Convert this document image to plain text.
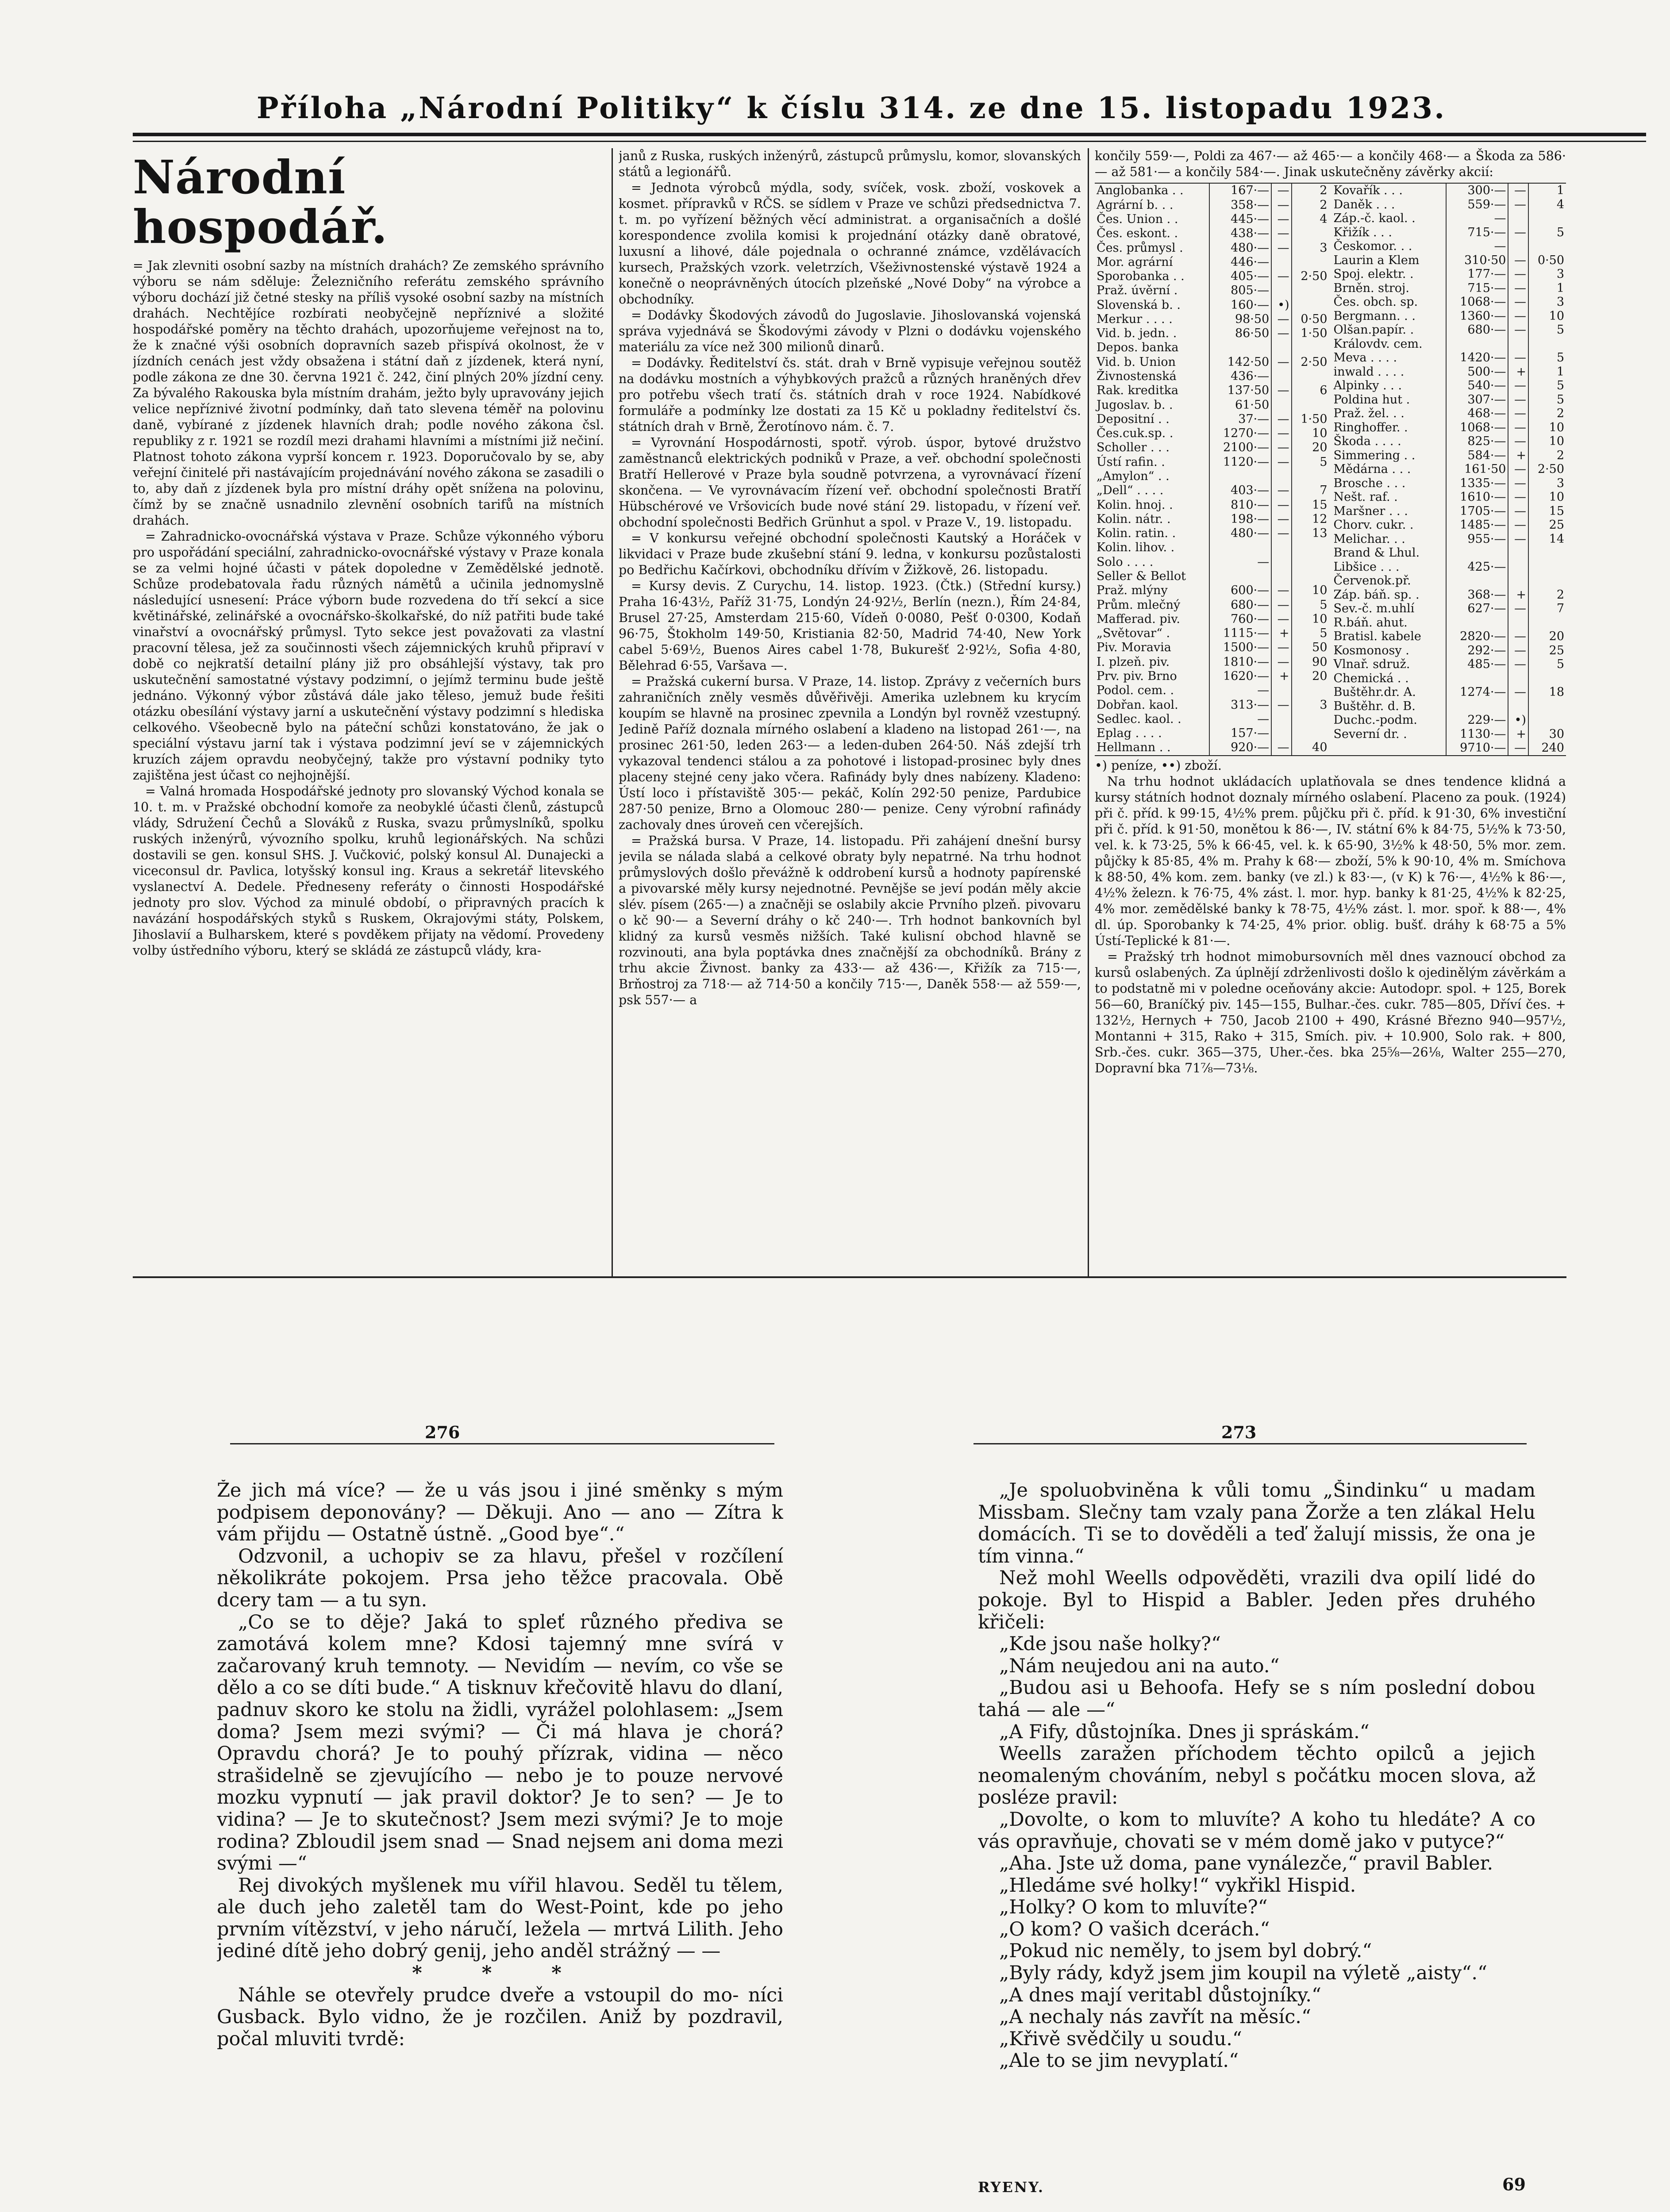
Příloha „Národní Politiky“ k číslu 314. ze dne 15. listopadu 1923.
Národní hospodář.

= Jak zlevniti osobní sazby na místních drahách? Ze zemského správního výboru se nám sděluje: Železničního referátu zemského správního výboru dochází již četné stesky na příliš vysoké osobní sazby na místních drahách. Nechtějíce rozbírati neobyčejně nepříznivé a složité hospodářské poměry na těchto drahách, upozorňujeme veřejnost na to, že k značné výši osobních dopravních sazeb přispívá okolnost, že v jízdních cenách jest vždy obsažena i státní daň z jízdenek, která nyní, podle zákona ze dne 30. června 1921 č. 242, činí plných 20% jízdní ceny. Za bývalého Rakouska byla místním drahám, ježto byly upravovány jejich velice nepříznivé životní podmínky, daň tato slevena téměř na polovinu daně, vybírané z jízdenek hlavních drah; podle nového zákona čsl. republiky z r. 1921 se rozdíl mezi drahami hlavními a místními již nečiní. Platnost tohoto zákona vyprší koncem r. 1923. Doporučovalo by se, aby veřejní činitelé při nastávajícím projednávání nového zákona se zasadili o to, aby daň z jízdenek byla pro místní dráhy opět snížena na polovinu, čímž by se značně usnadnilo zlevnění osobních tarifů na místních drahách.

= Zahradnicko-ovocnářská výstava v Praze. Schůze výkonného výboru pro uspořádání speciální, zahradnicko-ovocnářské výstavy v Praze konala se za velmi hojné účasti v pátek dopoledne v Zemědělské jednotě. Schůze prodebatovala řadu různých námětů a učinila jednomyslně následující usnesení: Práce výborn bude rozvedena do tří sekcí a sice květinářské, zelinářské a ovocnářsko-školkařské, do níž patřiti bude také vinařství a ovocnářský průmysl. Tyto sekce jest považovati za vlastní pracovní tělesa, jež za součinnosti všech zájemnických kruhů připraví v době co nejkratší detailní plány již pro obsáhlejší výstavy, tak pro uskutečnění samostatné výstavy podzimní, o jejímž terminu bude ještě jednáno. Výkonný výbor zůstává dále jako těleso, jemuž bude řešiti otázku obesílání výstavy jarní a uskutečnění výstavy podzimní s hlediska celkového. Všeobecně bylo na páteční schůzi konstatováno, že jak o speciální výstavu jarní tak i výstava podzimní jeví se v zájemnických kruzích zájem opravdu neobyčejný, takže pro výstavní podniky tyto zajištěna jest účast co nejhojnější.

= Valná hromada Hospodářské jednoty pro slovanský Východ konala se 10. t. m. v Pražské obchodní komoře za neobyklé účasti členů, zástupců vlády, Sdružení Čechů a Slováků z Ruska, svazu průmyslníků, spolku ruských inženýrů, vývozního spolku, kruhů legionářských. Na schůzi dostavili se gen. konsul SHS. J. Vučković, polský konsul Al. Dunajecki a viceconsul dr. Pavlica, lotyšský konsul ing. Kraus a sekretář litevského vyslanectví A. Dedele. Předneseny referáty o činnosti Hospodářské jednoty pro slov. Východ za minulé období, o připravných pracích k navázání hospodářských styků s Ruskem, Okrajovými státy, Polskem, Jihoslavií a Bulharskem, které s povděkem přijaty na vědomí. Provedeny volby ústředního výboru, který se skládá ze zástupců vlády, kra-

janů z Ruska, ruských inženýrů, zástupců průmyslu, komor, slovanských států a legionářů.

= Jednota výrobců mýdla, sody, svíček, vosk. zboží, voskovek a kosmet. přípravků v RČS. se sídlem v Praze ve schůzi předsednictva 7. t. m. po vyřízení běžných věcí administrat. a organisačních a došlé korespondence zvolila komisi k projednání otázky daně obratové, luxusní a lihové, dále pojednala o ochranné známce, vzdělávacích kursech, Pražských vzork. veletrzích, Všeživnostenské výstavě 1924 a konečně o neoprávněných útocích plzeňské „Nové Doby“ na výrobce a obchodníky.

= Dodávky Škodových závodů do Jugoslavie. Jihoslovanská vojenská správa vyjednává se Škodovými závody v Plzni o dodávku vojenského materiálu za více než 300 milionů dinarů.

= Dodávky. Ředitelství čs. stát. drah v Brně vypisuje veřejnou soutěž na dodávku mostních a výhybkových pražců a různých hraněných dřev pro potřebu všech tratí čs. státních drah v roce 1924. Nabídkové formuláře a podmínky lze dostati za 15 Kč u pokladny ředitelství čs. státních drah v Brně, Žerotínovo nám. č. 7.

= Vyrovnání Hospodárnosti, spotř. výrob. úspor, bytové družstvo zaměstnanců elektrických podniků v Praze, a veř. obchodní společnosti Bratří Hellerové v Praze byla soudně potvrzena, a vyrovnávací řízení skončena. — Ve vyrovnávacím řízení veř. obchodní společnosti Bratří Hübschérové ve Vršovicích bude nové stání 29. listopadu, v řízení veř. obchodní společnosti Bedřich Grünhut a spol. v Praze V., 19. listopadu.

= V konkursu veřejné obchodní společnosti Kautský a Horáček v likvidaci v Praze bude zkušební stání 9. ledna, v konkursu pozůstalosti po Bedřichu Kačírkovi, obchodníku dřívím v Žižkově, 26. listopadu.

= Kursy devis. Z Curychu, 14. listop. 1923. (Čtk.) (Střední kursy.) Praha 16·43½, Paříž 31·75, Londýn 24·92½, Berlín (nezn.), Řím 24·84, Brusel 27·25, Amsterdam 215·60, Vídeň 0·0080, Pešť 0·0300, Kodaň 96·75, Štokholm 149·50, Kristiania 82·50, Madrid 74·40, New York cabel 5·69½, Buenos Aires cabel 1·78, Bukurešť 2·92½, Sofia 4·80, Bělehrad 6·55, Varšava —.

= Pražská cukerní bursa. V Praze, 14. listop. Zprávy z večerních burs zahraničních zněly vesměs důvěřivěji. Amerika uzlebnem ku krycím koupím se hlavně na prosinec zpevnila a Londýn byl rovněž vzestupný. Jedině Paříž doznala mírného oslabení a kladeno na listopad 261·—, na prosinec 261·50, leden 263·— a leden-duben 264·50. Náš zdejší trh vykazoval tendenci stálou a za pohotové i listopad-prosinec byly dnes placeny stejné ceny jako včera. Rafinády byly dnes nabízeny. Kladeno: Ústí loco i přístaviště 305·— pekáč, Kolín 292·50 penize, Pardubice 287·50 penize, Brno a Olomouc 280·— penize. Ceny výrobní rafinády zachovaly dnes úroveň cen včerejších.

= Pražská bursa. V Praze, 14. listopadu. Při zahájení dnešní bursy jevila se nálada slabá a celkové obraty byly nepatrné. Na trhu hodnot průmyslových došlo převážně k oddrobení kursů a hodnoty papírenské a pivovarské měly kursy nejednotné. Pevnějše se jeví podán měly akcie slév. písem (265·—) a značněji se oslabily akcie Prvního plzeň. pivovaru o kč 90·— a Severní dráhy o kč 240·—. Trh hodnot bankovních byl klidný za kursů vesměs nižších. Také kulisní obchod hlavně se rozvinouti, ana byla poptávka dnes značnější za obchodníků. Brány z trhu akcie Živnost. banky za 433·— až 436·—, Křižík za 715·—, Brňostroj za 718·— až 714·50 a končily 715·—, Daněk 558·— až 559·—, psk 557·— a

končily 559·—, Poldi za 467·— až 465·— a končily 468·— a Škoda za 586·— až 581·— a končily 584·—. Jinak uskutečněny závěrky akcií:

Anglobanka . .	167·—	—	2
Agrární b. . .	358·—	—	2
Čes. Union . .	445·—	—	4
Čes. eskont. .	438·—	—	
Čes. průmysl .	480·—	—	3
Mor. agrární	446·—		
Sporobanka . .	405·—	—	2·50
Praž. úvěrní .	805·—		
Slovenská b. .	160·—	•)	
Merkur . . . .	98·50	—	0·50
Vid. b. jedn. .	86·50	—	1·50
Depos. banka			
Vid. b. Union	142·50	—	2·50
Živnostenská	436·—		
Rak. kreditka	137·50	—	6
Jugoslav. b. .	61·50		
Depositní . .	37·—	—	1·50
Čes.cuk.sp. .	1270·—	—	10
Scholler . . .	2100·—	—	20
Ústí rafin. .	1120·—	—	5
„Amylon“ . .			
„Dell“ . . . .	403·—	—	7
Kolin. hnoj. .	810·—	—	15
Kolin. nátr. .	198·—	—	12
Kolin. ratin. .	480·—	—	13
Kolin. lihov. .			
Solo . . . .	—		
Seller & Bellot			
Praž. mlýny	600·—	—	10
Prům. mlečný	680·—	—	5
Mafferad. piv.	760·—	—	10
„Světovar“ .	1115·—	+	5
Piv. Moravia	1500·—	—	50
I. plzeň. piv.	1810·—	—	90
Prv. piv. Brno	1620·—	+	20
Podol. cem. .	—		
Dobřan. kaol.	313·—	—	3
Sedlec. kaol. .	—		
Eplag . . . .	157·—		
Hellmann . .	920·—	—	40
Kovařík . . .	300·—	—	1
Daněk . . .	559·—	—	4
Záp.-č. kaol. .	—		
Křižík . . .	715·—	—	5
Českomor. . .	—		
Laurin a Klem	310·50	—	0·50
Spoj. elektr. .	177·—	—	3
Brněn. stroj.	715·—	—	1
Čes. obch. sp.	1068·—	—	3
Bergmann. . .	1360·—	—	10
Olšan.papír. .	680·—	—	5
Královdv. cem.			
Meva . . . .	1420·—	—	5
inwald . . . .	500·—	+	1
Alpinky . . .	540·—	—	5
Poldina hut .	307·—	—	5
Praž. žel. . .	468·—	—	2
Ringhoffer. .	1068·—	—	10
Škoda . . . .	825·—	—	10
Simmering . .	584·—	+	2
Mědárna . . .	161·50	—	2·50
Brosche . . .	1335·—	—	3
Nešt. raf. .	1610·—	—	10
Maršner . . .	1705·—	—	15
Chorv. cukr. .	1485·—	—	25
Melichar. . .	955·—	—	14
Brand & Lhul.			
Libšice . . .	425·—		
Červenok.př.			
Záp. báň. sp. .	368·—	+	2
Sev.-č. m.uhlí	627·—	—	7
R.báň. ahut.			
Bratisl. kabele	2820·—	—	20
Kosmonosy .	292·—	—	25
Vlnař. sdruž.	485·—	—	5
Chemická . .			
Buštěhr.dr. A.	1274·—	—	18
Buštěhr. d. B.			
Duchc.-podm.	229·—	•)	
Severní dr. .	1130·—	+	30
	9710·—	—	240

•) peníze, ••) zboží.

Na trhu hodnot ukládacích uplatňovala se dnes tendence klidná a kursy státních hodnot doznaly mírného oslabení. Placeno za pouk. (1924) při č. příd. k 99·15, 4½% prem. půjčku při č. příd. k 91·30, 6% investiční při č. příd. k 91·50, monětou k 86·—, IV. státní 6% k 84·75, 5½% k 73·50, vel. k. k 73·25, 5% k 66·45, vel. k. k 65·90, 3½% k 48·50, 5% mor. zem. půjčky k 85·85, 4% m. Prahy k 68·— zboží, 5% k 90·10, 4% m. Smíchova k 88·50, 4% kom. zem. banky (ve zl.) k 83·—, (v K) k 76·—, 4½% k 86·—, 4½% železn. k 76·75, 4% zást. l. mor. hyp. banky k 81·25, 4½% k 82·25, 4% mor. zemědělské banky k 78·75, 4½% zást. l. mor. spoř. k 88·—, 4% dl. úp. Sporobanky k 74·25, 4% prior. oblig. bušť. dráhy k 68·75 a 5% Ústí-Teplické k 81·—.

= Pražský trh hodnot mimobursovních měl dnes vaznoucí obchod za kursů oslabených. Za úplnějí zdrženlivosti došlo k ojedinělým závěrkám a to podstatně mi v poledne oceňovány akcie: Autodopr. spol. + 125, Borek 56—60, Braníčký piv. 145—155, Bulhar.-čes. cukr. 785—805, Dříví čes. + 132½, Hernych + 750, Jacob 2100 + 490, Krásné Březno 940—957½, Montanni + 315, Rako + 315, Smích. piv. + 10.900, Solo rak. + 800, Srb.-čes. cukr. 365—375, Uher.-čes. bka 25⅝—26⅛, Walter 255—270, Dopravní bka 71⅞—73⅛.

276	273

Že jich má více? — že u vás jsou i jiné směnky s mým podpisem deponovány? — Děkuji. Ano — ano — Zítra k vám přijdu — Ostatně ústně. „Good bye“.“

Odzvonil, a uchopiv se za hlavu, přešel v rozčílení několikráte pokojem. Prsa jeho těžce pracovala. Obě dcery tam — a tu syn.

„Co se to děje? Jaká to spleť různého předivа se zamotává kolem mne? Kdosi tajemný mne svírá v začarovaný kruh temnoty. — Nevidím — nevím, co vše se dělo a co se díti bude.“ A tisknuv křečovitě hlavu do dlaní, padnuv skoro ke stolu na židli, vyrážel polohlasem: „Jsem doma? Jsem mezi svými? — Či má hlava je chorá? Opravdu chorá? Je to pouhý přízrak, vidina — něco strašidelně se zjevujícího — nebo je to pouze nervové mozku vypnutí — jak pravil doktor? Je to sen? — Je to vidina? — Je to skutečnost? Jsem mezi svými? Je to moje rodina? Zbloudil jsem snad — Snad nejsem ani doma mezi svými —“

Rej divokých myšlenek mu vířil hlavou. Seděl tu tělem, ale duch jeho zaletěl tam do West-Point, kde po jeho prvním vítězství, v jeho náručí, ležela — mrtvá Lilith. Jeho jediné dítě jeho dobrý genij, jeho anděl strážný — —

* * *

Náhle se otevřely prudce dveře a vstoupil do mo- níci Gusback. Bylo vidno, že je rozčilen. Aniž by pozdravil, počal mluviti tvrdě:

„Je spoluobviněna k vůli tomu „Šindinku“ u madam Missbam. Slečny tam vzaly pana Žorže a ten zlákal Helu domácích. Ti se to dověděli a teď žalují missis, že ona je tím vinna.“

Než mohl Weells odpověděti, vrazili dva opilí lidé do pokoje. Byl to Hispid a Babler. Jeden přes druhého křičeli:

„Kde jsou naše holky?“

„Nám neujedou ani na auto.“

„Budou asi u Behoofa. Hefy se s ním poslední dobou tahá — ale —“

„A Fify, důstojníka. Dnes ji spráskám.“

Weells zaražen příchodem těchto opilců a jejich neomaleným chováním, nebyl s počátku mocen slova, až posléze pravil:

„Dovolte, o kom to mluvíte? A koho tu hledáte? A co vás opravňuje, chovati se v mém domě jako v putyce?“

„Aha. Jste už doma, pane vynálezče,“ pravil Babler.

„Hledáme své holky!“ vykřikl Hispid.

„Holky? O kom to mluvíte?“

„O kom? O vašich dcerách.“

„Pokud nic nemělу, to jsem byl dobrý.“

„Byly rády, když jsem jim koupil na výletě „aisty“.“

„A dnes mají veritabl důstojníky.“

„A nechaly nás zavřít na měsíc.“

„Křivě svědčily u soudu.“

„Ale to se jim nevyplatí.“

RYENY.	69
